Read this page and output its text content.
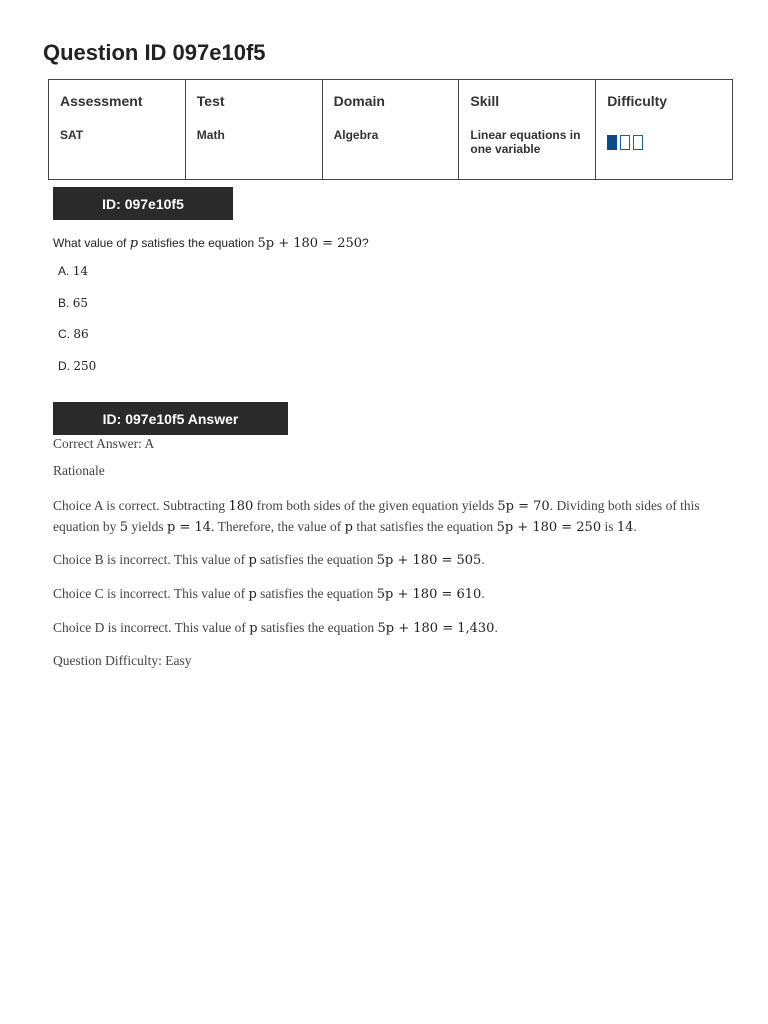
Question ID 097e10f5
Assessment	Test	Domain	Skill	Difficulty
SAT	Math	Algebra	Linear equations in one variable	
ID: 097e10f5
What value of p satisfies the equation 5p + 180 = 250?
A. 14
B. 65
C. 86
D. 250
ID: 097e10f5 Answer
Correct Answer: A
Rationale
Choice A is correct. Subtracting 180 from both sides of the given equation yields 5p = 70. Dividing both sides of this equation by 5 yields p = 14. Therefore, the value of p that satisfies the equation 5p + 180 = 250 is 14.
Choice B is incorrect. This value of p satisfies the equation 5p + 180 = 505.
Choice C is incorrect. This value of p satisfies the equation 5p + 180 = 610.
Choice D is incorrect. This value of p satisfies the equation 5p + 180 = 1,430.
Question Difficulty: Easy
